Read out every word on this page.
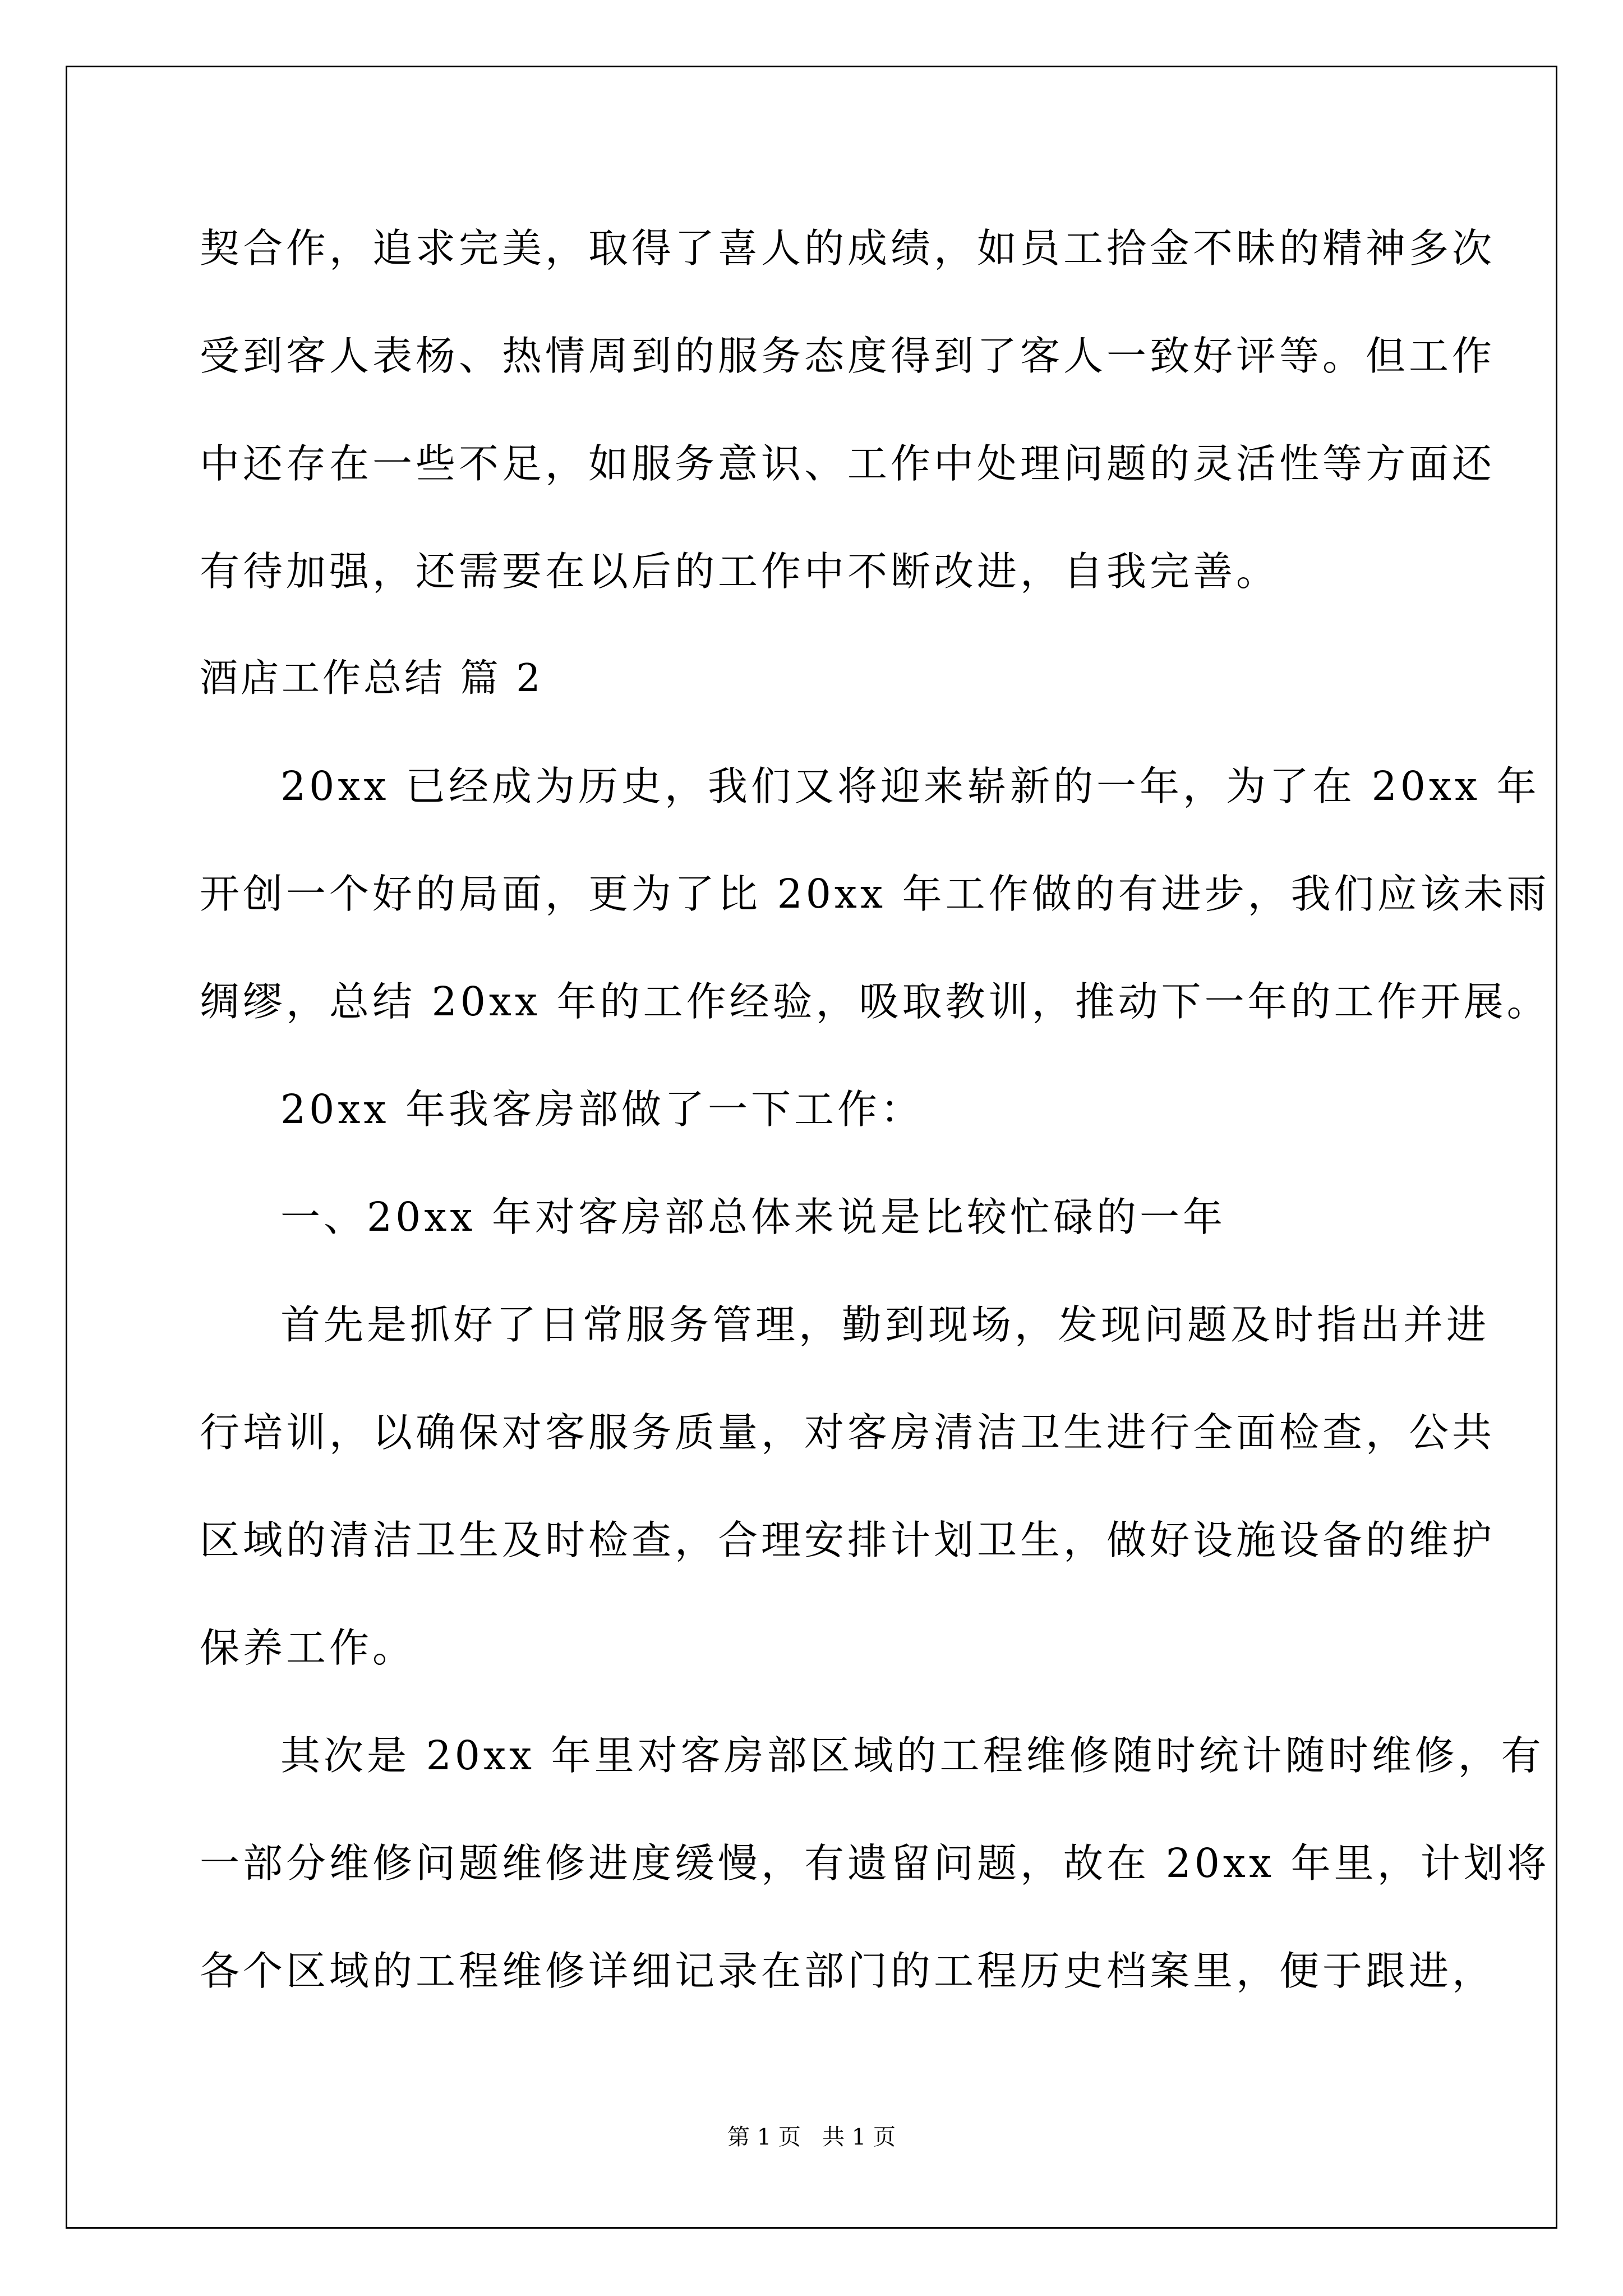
契合作，追求完美，取得了喜人的成绩，如员工拾金不昧的精神多次

受到客人表杨、热情周到的服务态度得到了客人一致好评等。但工作

中还存在一些不足，如服务意识、工作中处理问题的灵活性等方面还

有待加强，还需要在以后的工作中不断改进，自我完善。

酒店工作总结 篇 2

20xx 已经成为历史，我们又将迎来崭新的一年，为了在 20xx 年

开创一个好的局面，更为了比 20xx 年工作做的有进步，我们应该未雨

绸缪，总结 20xx 年的工作经验，吸取教训，推动下一年的工作开展。

20xx 年我客房部做了一下工作：

一、20xx 年对客房部总体来说是比较忙碌的一年

首先是抓好了日常服务管理，勤到现场，发现问题及时指出并进

行培训，以确保对客服务质量，对客房清洁卫生进行全面检查，公共

区域的清洁卫生及时检查，合理安排计划卫生，做好设施设备的维护

保养工作。

其次是 20xx 年里对客房部区域的工程维修随时统计随时维修，有

一部分维修问题维修进度缓慢，有遗留问题，故在 20xx 年里，计划将

各个区域的工程维修详细记录在部门的工程历史档案里，便于跟进，

第 1 页   共 1 页
